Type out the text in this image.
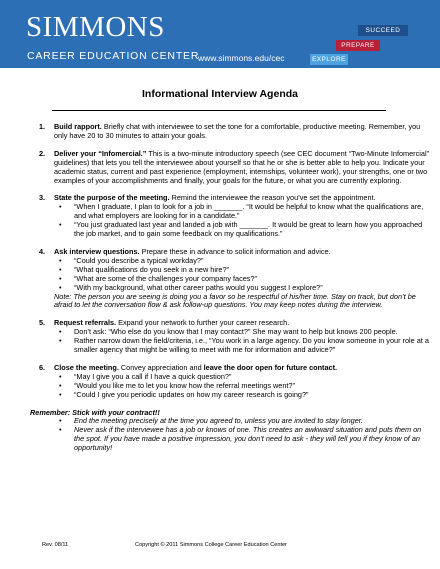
SIMMONS
CAREER EDUCATION CENTER
www.simmons.edu/cec
SUCCEED
PREPARE
EXPLORE
Informational Interview Agenda
1. Build rapport. Briefly chat with interviewee to set the tone for a comfortable, productive meeting. Remember, you only have 20 to 30 minutes to attain your goals.
2. Deliver your “Infomercial.” This is a two-minute introductory speech (see CEC document “Two-Minute Infomercial” guidelines) that lets you tell the interviewee about yourself so that he or she is better able to help you. Indicate your academic status, current and past experience (employment, internships, volunteer work), your strengths, one or two examples of your accomplishments and finally, your goals for the future, or what you are currently exploring.
3. State the purpose of the meeting. Remind the interviewee the reason you’ve set the appointment.
• “When I graduate, I plan to look for a job in _______. “It would be helpful to know what the qualifications are, and what employers are looking for in a candidate.”
• “You just graduated last year and landed a job with _______. It would be great to learn how you approached the job market, and to gain some feedback on my qualifications.”
4. Ask interview questions. Prepare these in advance to solicit information and advice.
• “Could you describe a typical workday?”
• “What qualifications do you seek in a new hire?”
• “What are some of the challenges your company faces?”
• “With my background, what other career paths would you suggest I explore?”
Note: The person you are seeing is doing you a favor so be respectful of his/her time. Stay on track, but don’t be afraid to let the conversation flow & ask follow-up questions. You may keep notes during the interview.
5. Request referrals. Expand your network to further your career research.
• Don’t ask: “Who else do you know that I may contact?” She may want to help but knows 200 people.
• Rather narrow down the field/criteria, i.e., “You work in a large agency. Do you know someone in your role at a smaller agency that might be willing to meet with me for information and advice?”
6. Close the meeting. Convey appreciation and leave the door open for future contact.
• “May I give you a call if I have a quick question?”
• “Would you like me to let you know how the referral meetings went?”
• “Could I give you periodic updates on how my career research is going?”
Remember: Stick with your contract!!
• End the meeting precisely at the time you agreed to, unless you are invited to stay longer.
• Never ask if the interviewee has a job or knows of one. This creates an awkward situation and puts them on the spot. If you have made a positive impression, you don’t need to ask - they will tell you if they know of an opportunity!
Rev. 08/11	Copyright © 2011 Simmons College Career Education Center
